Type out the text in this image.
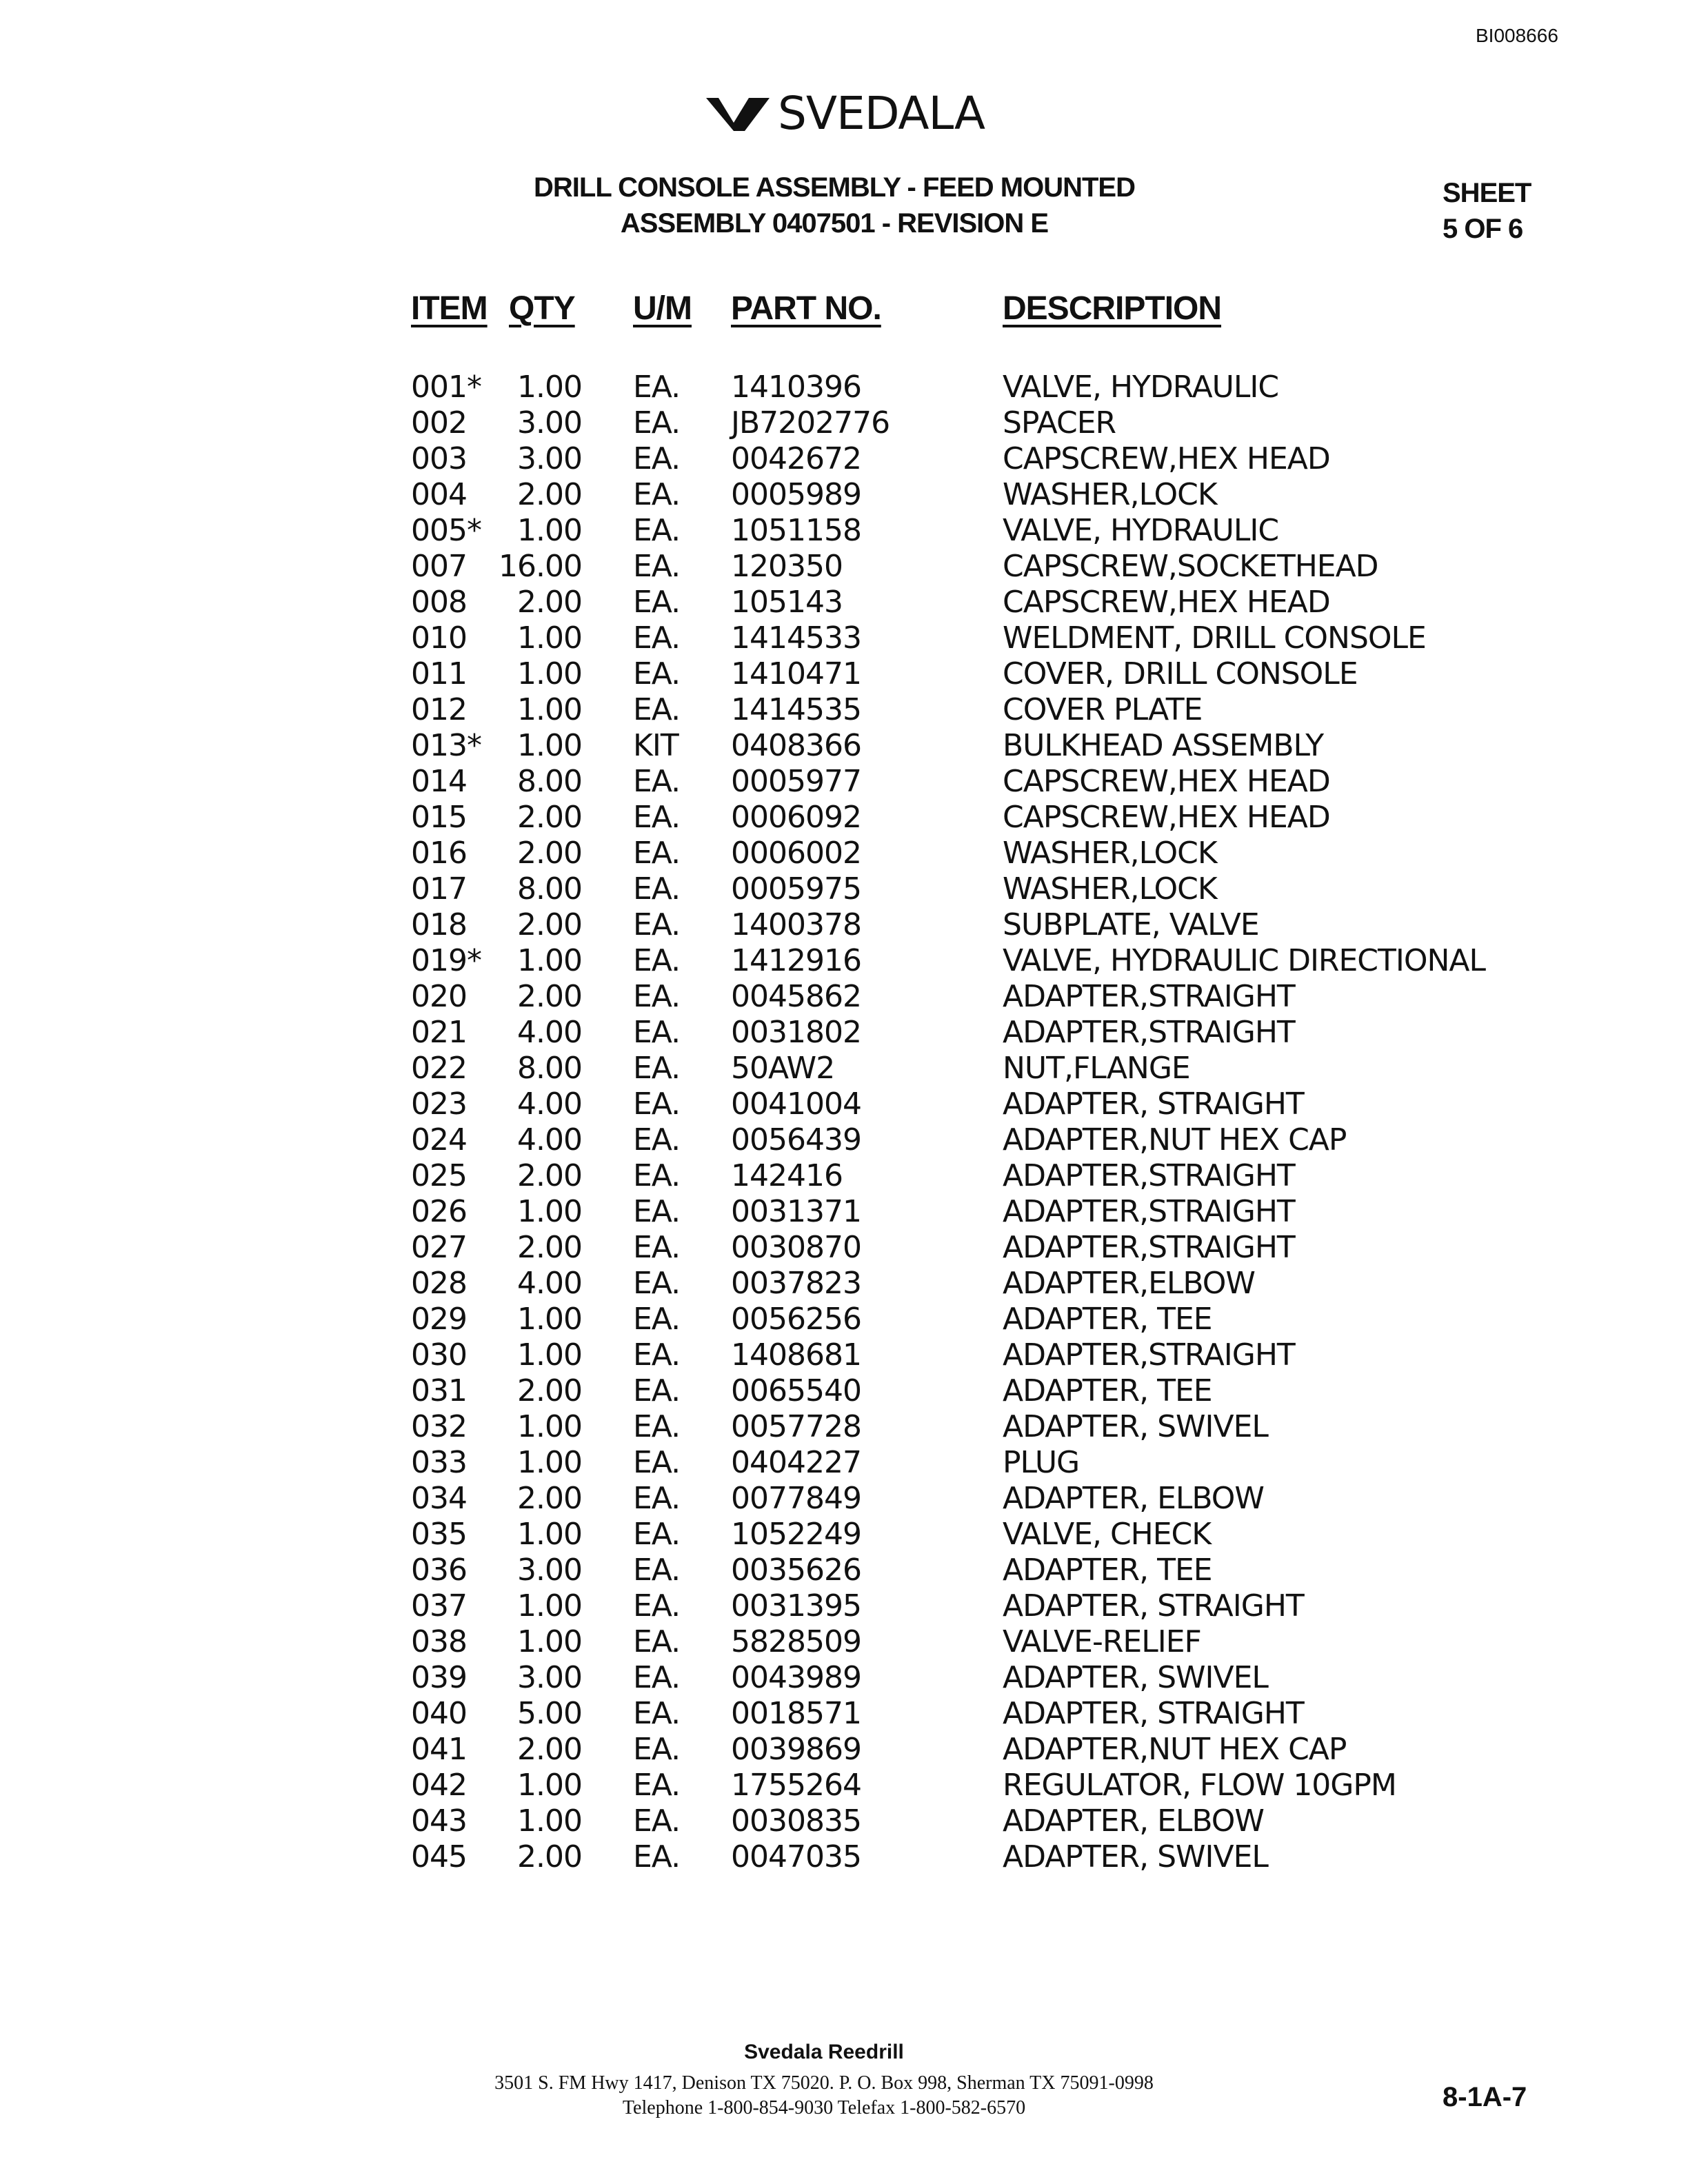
BI008666
SVEDALA
DRILL CONSOLE ASSEMBLY - FEED MOUNTED
ASSEMBLY 0407501 - REVISION E
SHEET
5 OF 6
ITEM QTY U/M PART NO.	DESCRIPTION
001*	1.00 EA. 1410396	VALVE, HYDRAULIC
002	3.00 EA. JB7202776	SPACER
003	3.00 EA. 0042672	CAPSCREW,HEX HEAD
004	2.00 EA. 0005989	WASHER,LOCK
005*	1.00 EA. 1051158	VALVE, HYDRAULIC
007	16.00 EA. 120350	CAPSCREW,SOCKETHEAD
008	2.00 EA. 105143	CAPSCREW,HEX HEAD
010	1.00 EA. 1414533	WELDMENT, DRILL CONSOLE
011	1.00 EA. 1410471	COVER, DRILL CONSOLE
012	1.00 EA. 1414535	COVER PLATE
013*	1.00 KIT 0408366	BULKHEAD ASSEMBLY
014	8.00 EA. 0005977	CAPSCREW,HEX HEAD
015	2.00 EA. 0006092	CAPSCREW,HEX HEAD
016	2.00 EA. 0006002	WASHER,LOCK
017	8.00 EA. 0005975	WASHER,LOCK
018	2.00 EA. 1400378	SUBPLATE, VALVE
019*	1.00 EA. 1412916	VALVE, HYDRAULIC DIRECTIONAL
020	2.00 EA. 0045862	ADAPTER,STRAIGHT
021	4.00 EA. 0031802	ADAPTER,STRAIGHT
022	8.00 EA. 50AW2	NUT,FLANGE
023	4.00 EA. 0041004	ADAPTER, STRAIGHT
024	4.00 EA. 0056439	ADAPTER,NUT HEX CAP
025	2.00 EA. 142416	ADAPTER,STRAIGHT
026	1.00 EA. 0031371	ADAPTER,STRAIGHT
027	2.00 EA. 0030870	ADAPTER,STRAIGHT
028	4.00 EA. 0037823	ADAPTER,ELBOW
029	1.00 EA. 0056256	ADAPTER, TEE
030	1.00 EA. 1408681	ADAPTER,STRAIGHT
031	2.00 EA. 0065540	ADAPTER, TEE
032	1.00 EA. 0057728	ADAPTER, SWIVEL
033	1.00 EA. 0404227	PLUG
034	2.00 EA. 0077849	ADAPTER, ELBOW
035	1.00 EA. 1052249	VALVE, CHECK
036	3.00 EA. 0035626	ADAPTER, TEE
037	1.00 EA. 0031395	ADAPTER, STRAIGHT
038	1.00 EA. 5828509	VALVE-RELIEF
039	3.00 EA. 0043989	ADAPTER, SWIVEL
040	5.00 EA. 0018571	ADAPTER, STRAIGHT
041	2.00 EA. 0039869	ADAPTER,NUT HEX CAP
042	1.00 EA. 1755264	REGULATOR, FLOW 10GPM
043	1.00 EA. 0030835	ADAPTER, ELBOW
045	2.00 EA. 0047035	ADAPTER, SWIVEL
Svedala Reedrill
3501 S. FM Hwy 1417, Denison TX 75020. P. O. Box 998, Sherman TX 75091-0998
Telephone 1-800-854-9030 Telefax 1-800-582-6570	8-1A-7
